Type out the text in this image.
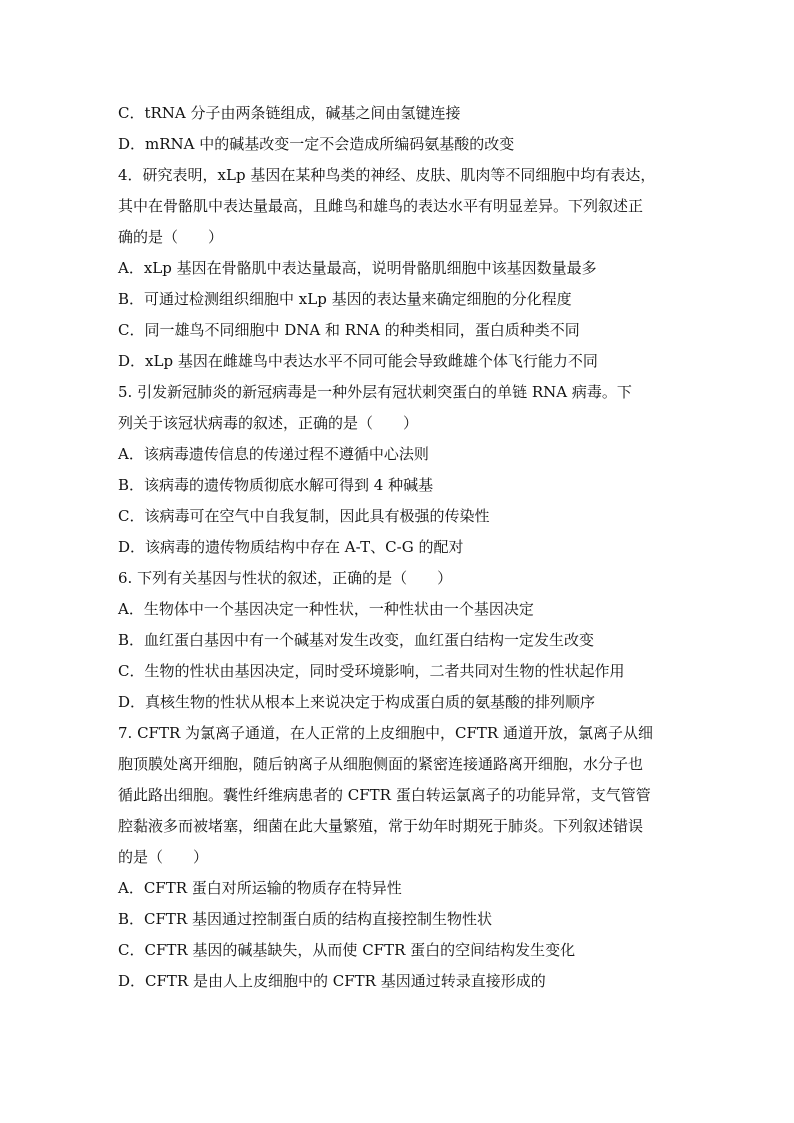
C．tRNA 分子由两条链组成，碱基之间由氢键连接
D．mRNA 中的碱基改变一定不会造成所编码氨基酸的改变
4．研究表明，xLp 基因在某种鸟类的神经、皮肤、肌肉等不同细胞中均有表达，
其中在骨骼肌中表达量最高，且雌鸟和雄鸟的表达水平有明显差异。下列叙述正
确的是（　　）
A．xLp 基因在骨骼肌中表达量最高，说明骨骼肌细胞中该基因数量最多
B．可通过检测组织细胞中 xLp 基因的表达量来确定细胞的分化程度
C．同一雄鸟不同细胞中 DNA 和 RNA 的种类相同，蛋白质种类不同
D．xLp 基因在雌雄鸟中表达水平不同可能会导致雌雄个体飞行能力不同
5. 引发新冠肺炎的新冠病毒是一种外层有冠状刺突蛋白的单链 RNA 病毒。下
列关于该冠状病毒的叙述，正确的是（　　）
A．该病毒遗传信息的传递过程不遵循中心法则
B．该病毒的遗传物质彻底水解可得到 4 种碱基
C．该病毒可在空气中自我复制，因此具有极强的传染性
D．该病毒的遗传物质结构中存在 A-T、C-G 的配对
6. 下列有关基因与性状的叙述，正确的是（　　）
A．生物体中一个基因决定一种性状，一种性状由一个基因决定
B．血红蛋白基因中有一个碱基对发生改变，血红蛋白结构一定发生改变
C．生物的性状由基因决定，同时受环境影响，二者共同对生物的性状起作用
D．真核生物的性状从根本上来说决定于构成蛋白质的氨基酸的排列顺序
7. CFTR 为氯离子通道，在人正常的上皮细胞中，CFTR 通道开放，氯离子从细
胞顶膜处离开细胞，随后钠离子从细胞侧面的紧密连接通路离开细胞，水分子也
循此路出细胞。囊性纤维病患者的 CFTR 蛋白转运氯离子的功能异常，支气管管
腔黏液多而被堵塞，细菌在此大量繁殖，常于幼年时期死于肺炎。下列叙述错误
的是（　　）
A．CFTR 蛋白对所运输的物质存在特异性
B．CFTR 基因通过控制蛋白质的结构直接控制生物性状
C．CFTR 基因的碱基缺失，从而使 CFTR 蛋白的空间结构发生变化
D．CFTR 是由人上皮细胞中的 CFTR 基因通过转录直接形成的
